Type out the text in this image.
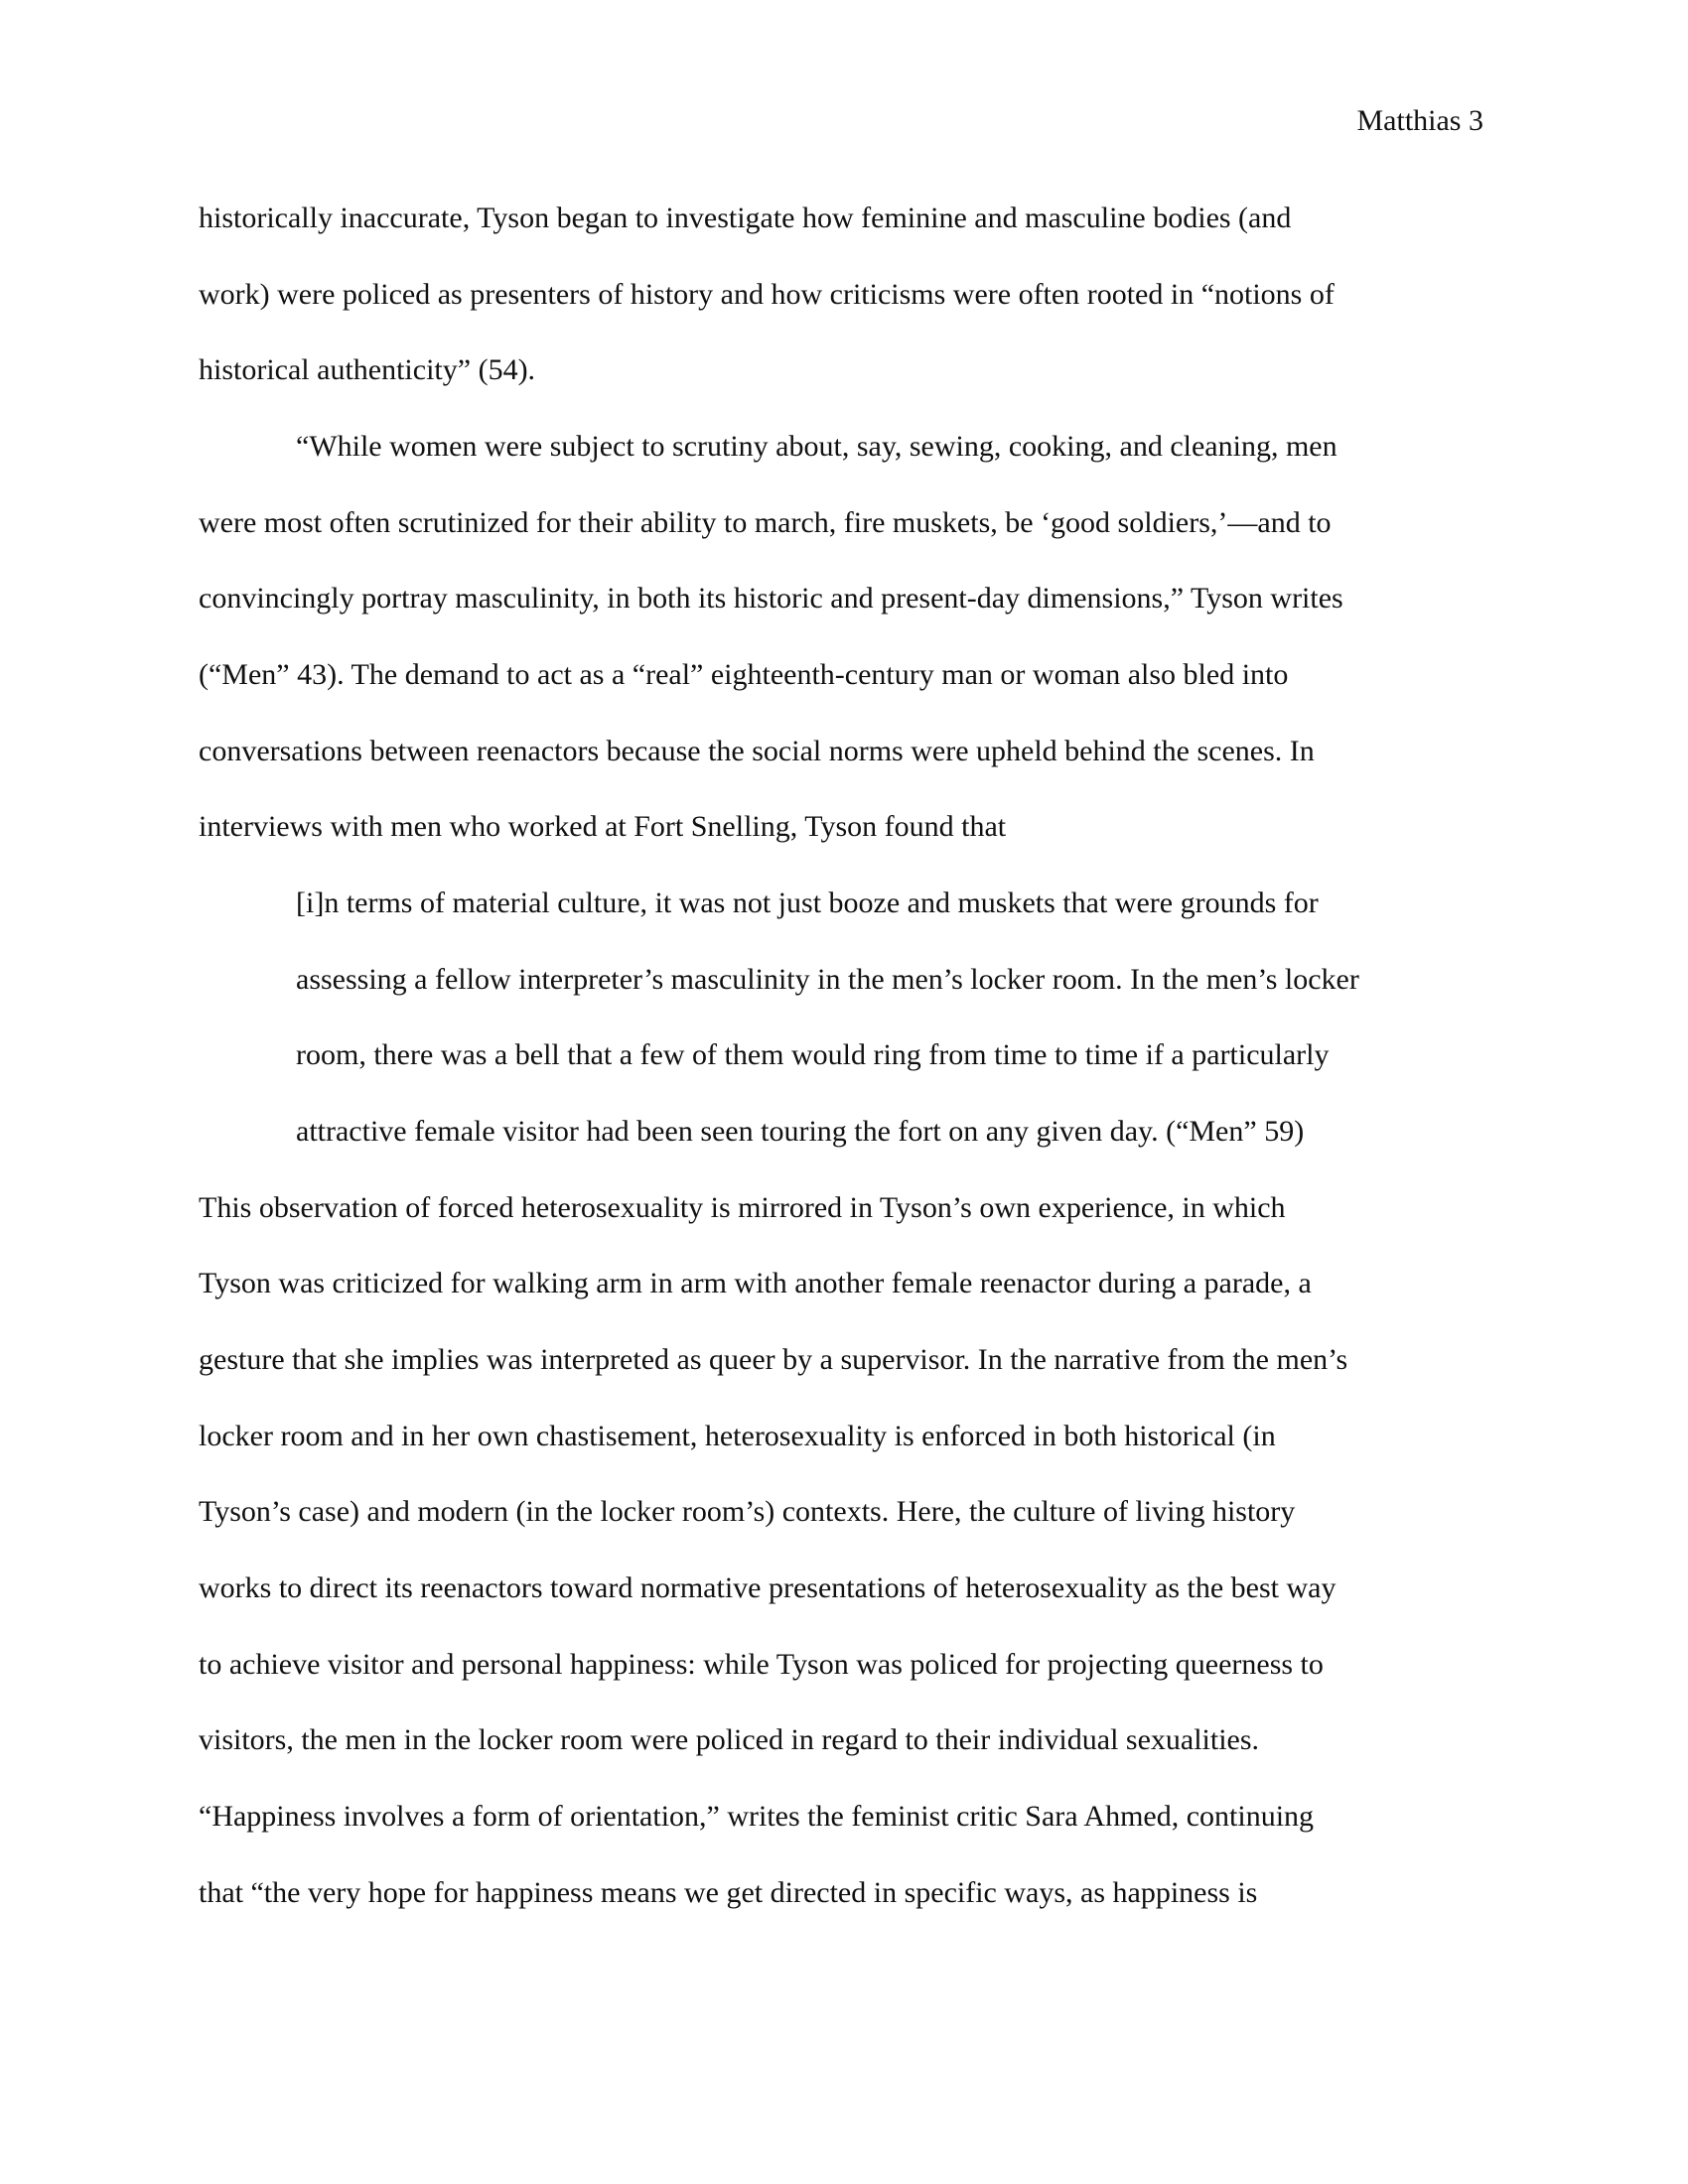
Matthias 3
historically inaccurate, Tyson began to investigate how feminine and masculine bodies (and
work) were policed as presenters of history and how criticisms were often rooted in “notions of
historical authenticity” (54).
“While women were subject to scrutiny about, say, sewing, cooking, and cleaning, men
were most often scrutinized for their ability to march, fire muskets, be ‘good soldiers,’—and to
convincingly portray masculinity, in both its historic and present-day dimensions,” Tyson writes
(“Men” 43). The demand to act as a “real” eighteenth-century man or woman also bled into
conversations between reenactors because the social norms were upheld behind the scenes. In
interviews with men who worked at Fort Snelling, Tyson found that
[i]n terms of material culture, it was not just booze and muskets that were grounds for
assessing a fellow interpreter’s masculinity in the men’s locker room. In the men’s locker
room, there was a bell that a few of them would ring from time to time if a particularly
attractive female visitor had been seen touring the fort on any given day. (“Men” 59)
This observation of forced heterosexuality is mirrored in Tyson’s own experience, in which
Tyson was criticized for walking arm in arm with another female reenactor during a parade, a
gesture that she implies was interpreted as queer by a supervisor. In the narrative from the men’s
locker room and in her own chastisement, heterosexuality is enforced in both historical (in
Tyson’s case) and modern (in the locker room’s) contexts. Here, the culture of living history
works to direct its reenactors toward normative presentations of heterosexuality as the best way
to achieve visitor and personal happiness: while Tyson was policed for projecting queerness to
visitors, the men in the locker room were policed in regard to their individual sexualities.
“Happiness involves a form of orientation,” writes the feminist critic Sara Ahmed, continuing
that “the very hope for happiness means we get directed in specific ways, as happiness is
